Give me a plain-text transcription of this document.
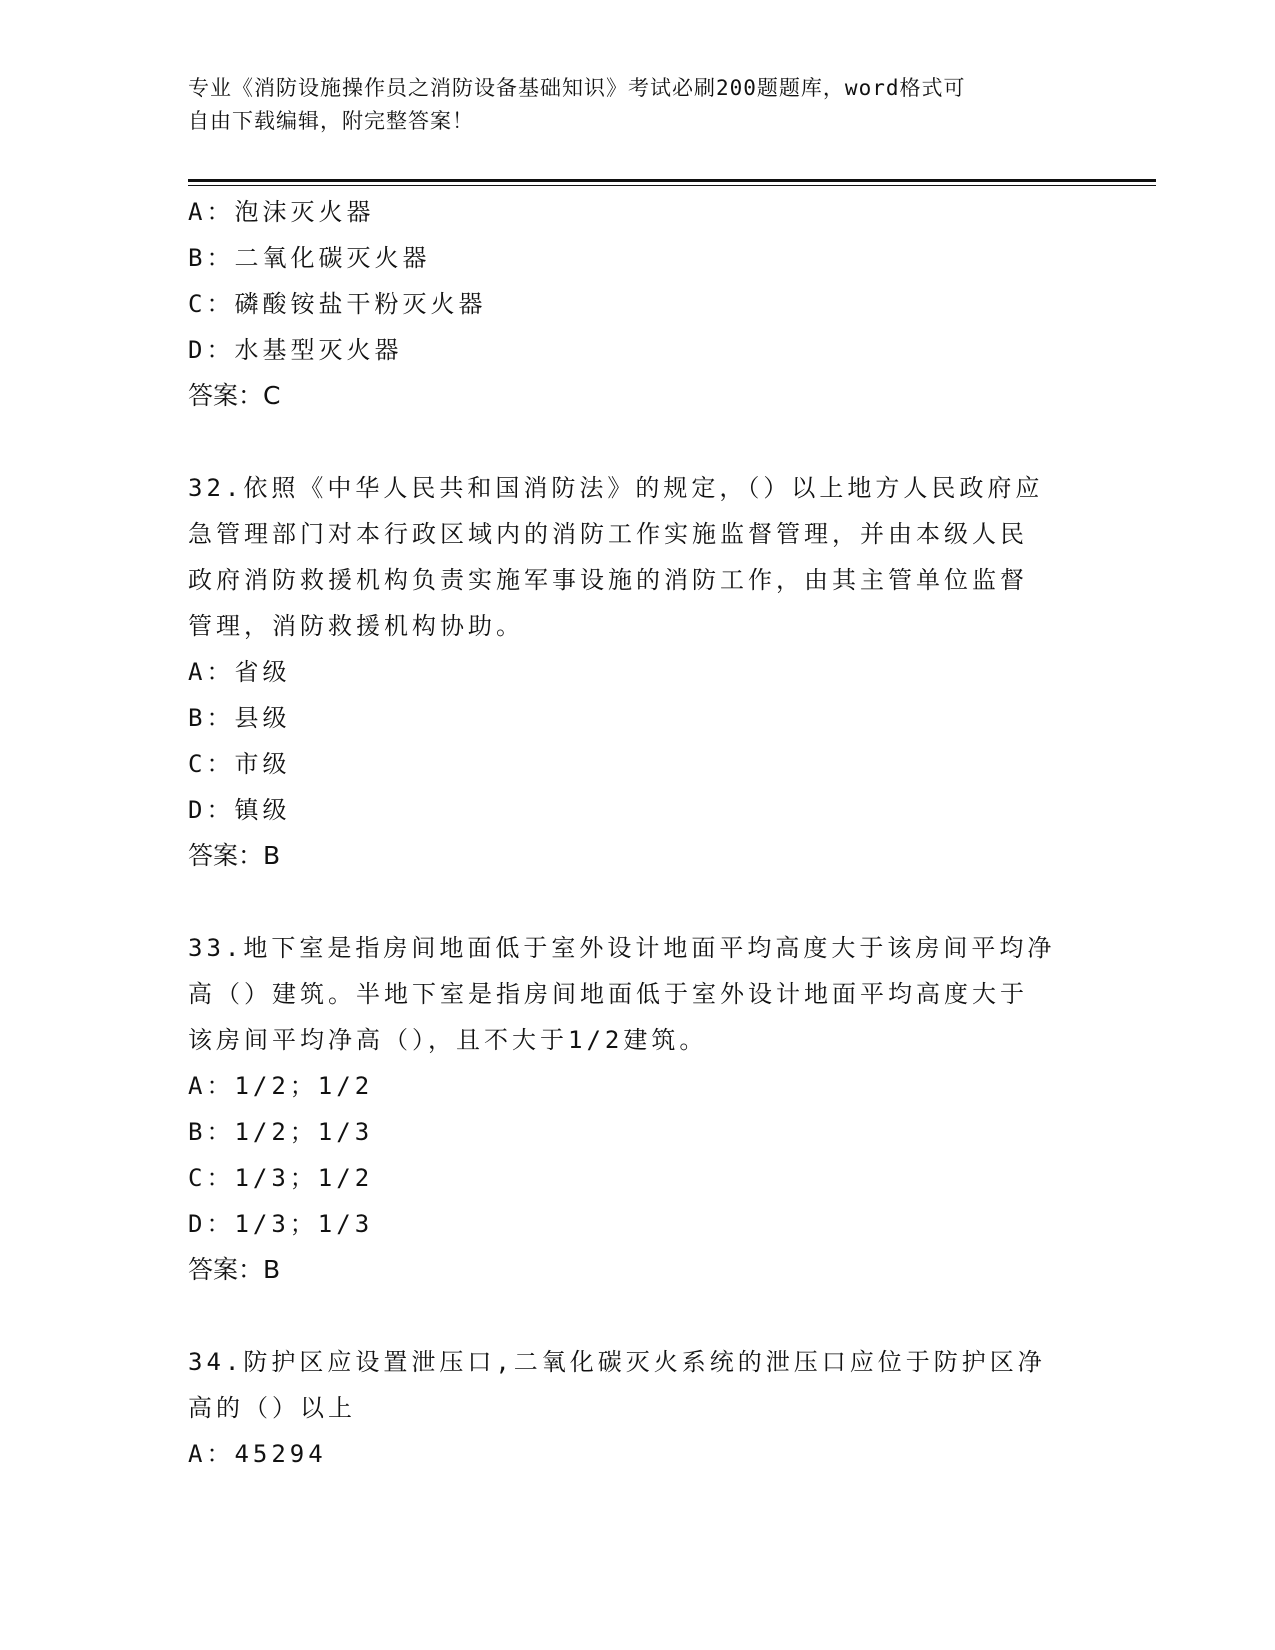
专业《消防设施操作员之消防设备基础知识》考试必刷200题题库，word格式可
自由下载编辑，附完整答案！
A：泡沫灭火器
B：二氧化碳灭火器
C：磷酸铵盐干粉灭火器
D：水基型灭火器
答案：C
32.依照《中华人民共和国消防法》的规定，（）以上地方人民政府应
急管理部门对本行政区域内的消防工作实施监督管理，并由本级人民
政府消防救援机构负责实施军事设施的消防工作，由其主管单位监督
管理，消防救援机构协助。
A：省级
B：县级
C：市级
D：镇级
答案：B
33.地下室是指房间地面低于室外设计地面平均高度大于该房间平均净
高（）建筑。半地下室是指房间地面低于室外设计地面平均高度大于
该房间平均净高（），且不大于1/2建筑。
A：1/2；1/2
B：1/2；1/3
C：1/3；1/2
D：1/3；1/3
答案：B
34.防护区应设置泄压口,二氧化碳灭火系统的泄压口应位于防护区净
高的（）以上
A：45294
